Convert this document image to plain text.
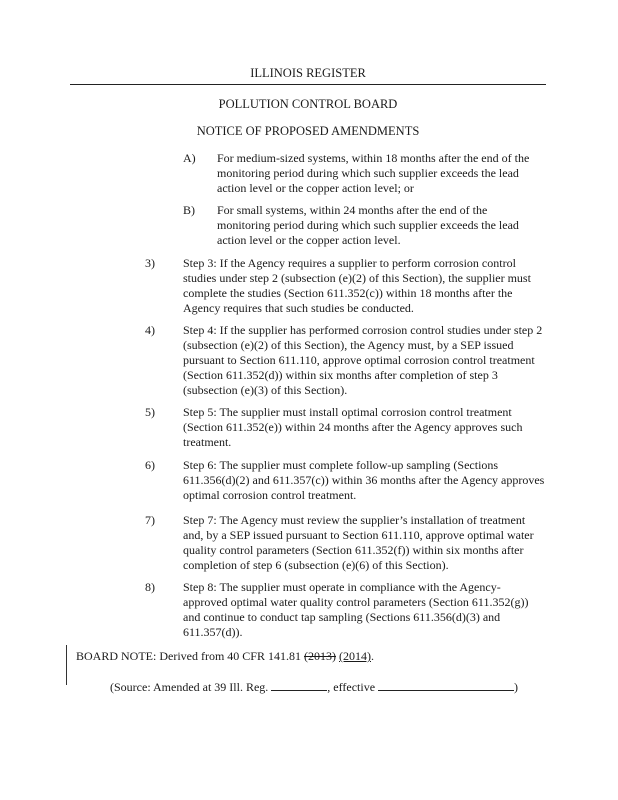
ILLINOIS REGISTER
POLLUTION CONTROL BOARD
NOTICE OF PROPOSED AMENDMENTS
A) For medium-sized systems, within 18 months after the end of the monitoring period during which such supplier exceeds the lead action level or the copper action level; or
B) For small systems, within 24 months after the end of the monitoring period during which such supplier exceeds the lead action level or the copper action level.
3) Step 3: If the Agency requires a supplier to perform corrosion control studies under step 2 (subsection (e)(2) of this Section), the supplier must complete the studies (Section 611.352(c)) within 18 months after the Agency requires that such studies be conducted.
4) Step 4: If the supplier has performed corrosion control studies under step 2 (subsection (e)(2) of this Section), the Agency must, by a SEP issued pursuant to Section 611.110, approve optimal corrosion control treatment (Section 611.352(d)) within six months after completion of step 3 (subsection (e)(3) of this Section).
5) Step 5: The supplier must install optimal corrosion control treatment (Section 611.352(e)) within 24 months after the Agency approves such treatment.
6) Step 6: The supplier must complete follow-up sampling (Sections 611.356(d)(2) and 611.357(c)) within 36 months after the Agency approves optimal corrosion control treatment.
7) Step 7: The Agency must review the supplier’s installation of treatment and, by a SEP issued pursuant to Section 611.110, approve optimal water quality control parameters (Section 611.352(f)) within six months after completion of step 6 (subsection (e)(6) of this Section).
8) Step 8: The supplier must operate in compliance with the Agency-approved optimal water quality control parameters (Section 611.352(g)) and continue to conduct tap sampling (Sections 611.356(d)(3) and 611.357(d)).
BOARD NOTE: Derived from 40 CFR 141.81 (2013) (2014).
(Source: Amended at 39 Ill. Reg.	, effective	)
